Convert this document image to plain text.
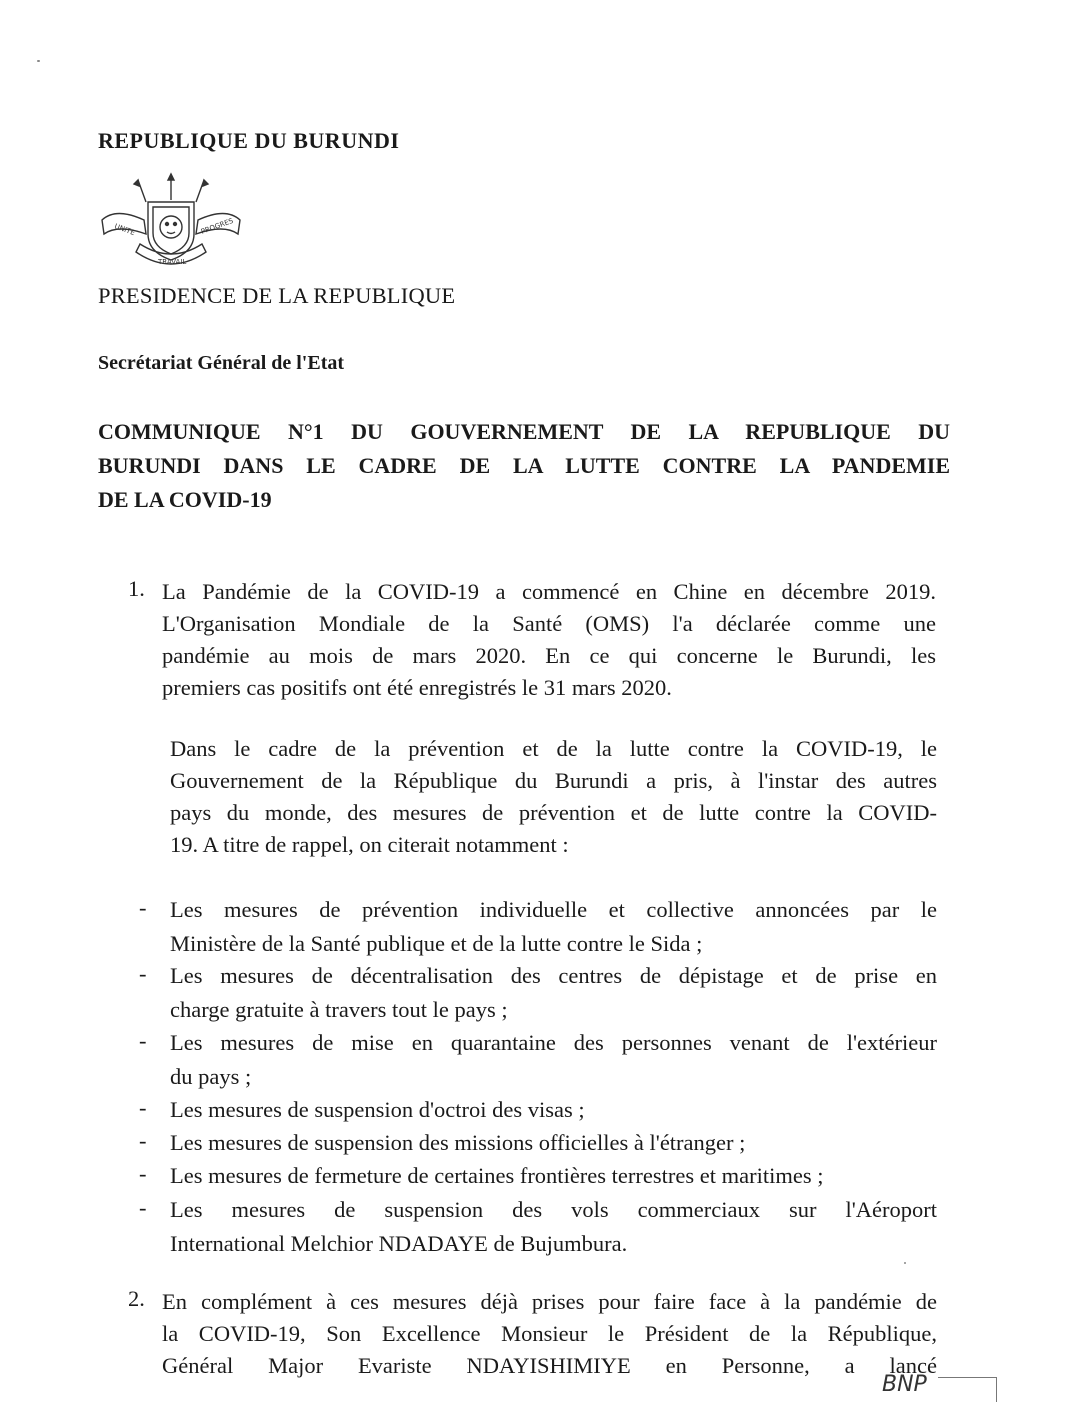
REPUBLIQUE DU BURUNDI
UNITE
TRAVAIL
PROGRES
PRESIDENCE DE LA REPUBLIQUE
Secrétariat Général de l'Etat
COMMUNIQUE N°1 DU GOUVERNEMENT DE LA REPUBLIQUE DU
BURUNDI DANS LE CADRE DE LA LUTTE CONTRE LA PANDEMIE
DE LA COVID-19
1. La Pandémie de la COVID-19 a commencé en Chine en décembre 2019.
L'Organisation Mondiale de la Santé (OMS) l'a déclarée comme une
pandémie au mois de mars 2020. En ce qui concerne le Burundi, les
premiers cas positifs ont été enregistrés le 31 mars 2020.
Dans le cadre de la prévention et de la lutte contre la COVID-19, le
Gouvernement de la République du Burundi a pris, à l'instar des autres
pays du monde, des mesures de prévention et de lutte contre la COVID-
19. A titre de rappel, on citerait notamment :
- Les mesures de prévention individuelle et collective annoncées par le
Ministère de la Santé publique et de la lutte contre le Sida ;
- Les mesures de décentralisation des centres de dépistage et de prise en
charge gratuite à travers tout le pays ;
- Les mesures de mise en quarantaine des personnes venant de l'extérieur
du pays ;
- Les mesures de suspension d'octroi des visas ;
- Les mesures de suspension des missions officielles à l'étranger ;
- Les mesures de fermeture de certaines frontières terrestres et maritimes ;
- Les mesures de suspension des vols commerciaux sur l'Aéroport
International Melchior NDADAYE de Bujumbura.
2. En complément à ces mesures déjà prises pour faire face à la pandémie de
la COVID-19, Son Excellence Monsieur le Président de la République,
Général Major Evariste NDAYISHIMIYE en Personne, a lancé
BNP
